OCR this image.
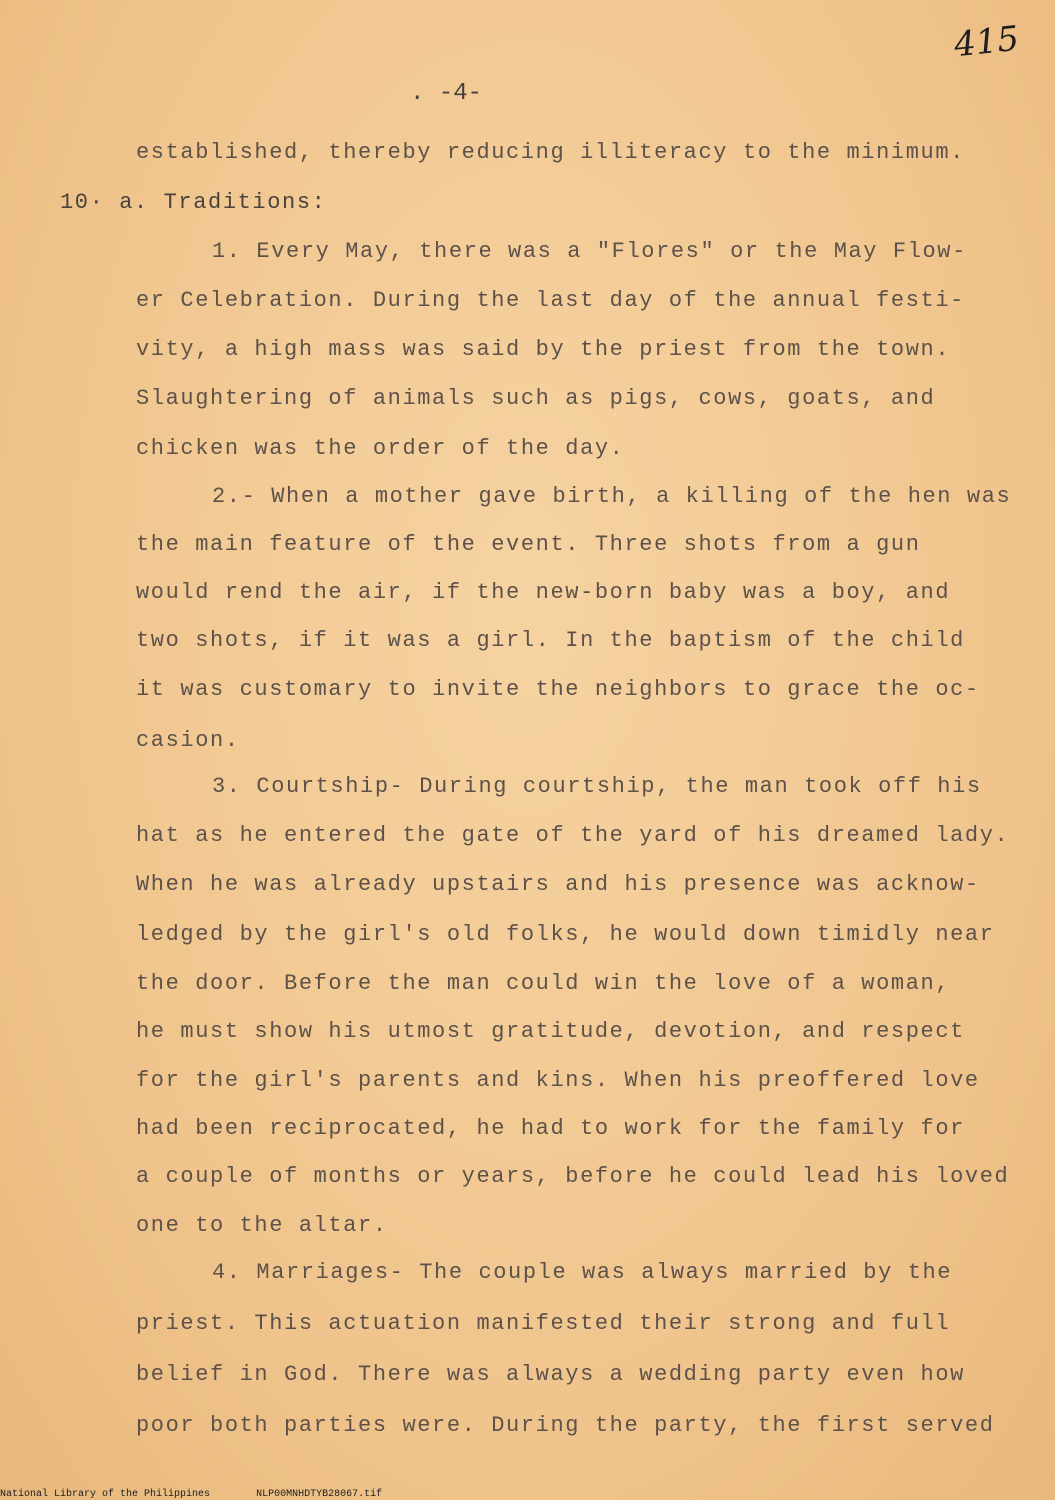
415
. -4-
established, thereby reducing illiteracy to the minimum.
10∙ a. Traditions:
1. Every May, there was a "Flores" or the May Flow-
er Celebration. During the last day of the annual festi-
vity, a high mass was said by the priest from the town.
Slaughtering of animals such as pigs, cows, goats, and
chicken was the order of the day.
2.- When a mother gave birth, a killing of the hen was
the main feature of the event. Three shots from a gun
would rend the air, if the new-born baby was a boy, and
two shots, if it was a girl. In the baptism of the child
it was customary to invite the neighbors to grace the oc-
casion.
3. Courtship- During courtship, the man took off his
hat as he entered the gate of the yard of his dreamed lady.
When he was already upstairs and his presence was acknow-
ledged by the girl's old folks, he would down timidly near
the door. Before the man could win the love of a woman,
he must show his utmost gratitude, devotion, and respect
for the girl's parents and kins. When his preoffered love
had been reciprocated, he had to work for the family for
a couple of months or years, before he could lead his loved
one to the altar.
4. Marriages- The couple was always married by the
priest. This actuation manifested their strong and full
belief in God. There was always a wedding party even how
poor both parties were. During the party, the first served
National Library of the Philippines	NLP00MNHDTYB28067.tif
